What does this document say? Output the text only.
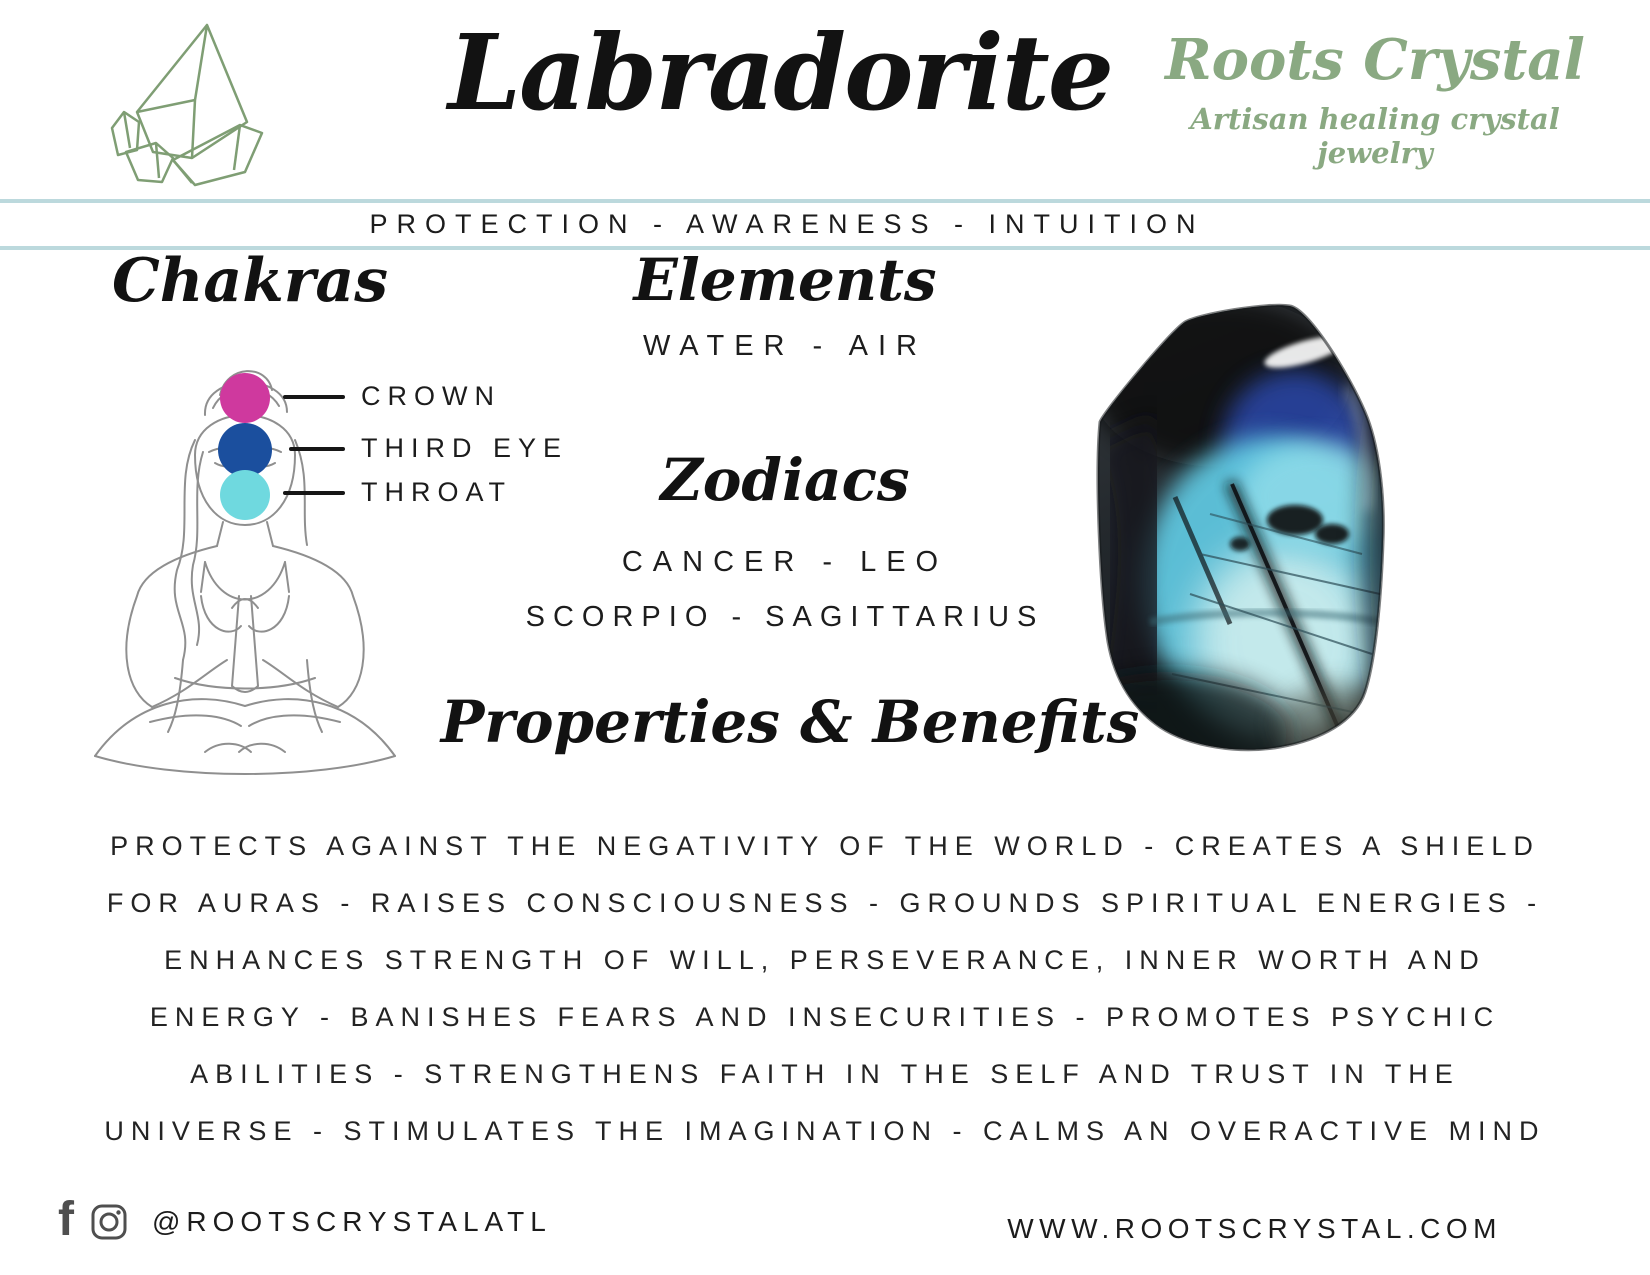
Labradorite Roots Crystal
Artisan healing crystal jewelry
PROTECTION - AWARENESS - INTUITION
Chakras
CROWN
THIRD EYE
THROAT
Elements
WATER - AIR
Zodiacs
CANCER - LEO
SCORPIO - SAGITTARIUS
Properties & Benefits
PROTECTS AGAINST THE NEGATIVITY OF THE WORLD - CREATES A SHIELD
FOR AURAS - RAISES CONSCIOUSNESS - GROUNDS SPIRITUAL ENERGIES -
ENHANCES STRENGTH OF WILL, PERSEVERANCE, INNER WORTH AND
ENERGY - BANISHES FEARS AND INSECURITIES - PROMOTES PSYCHIC
ABILITIES - STRENGTHENS FAITH IN THE SELF AND TRUST IN THE
UNIVERSE - STIMULATES THE IMAGINATION - CALMS AN OVERACTIVE MIND
f	@ROOTSCRYSTALATL	WWW.ROOTSCRYSTAL.COM
